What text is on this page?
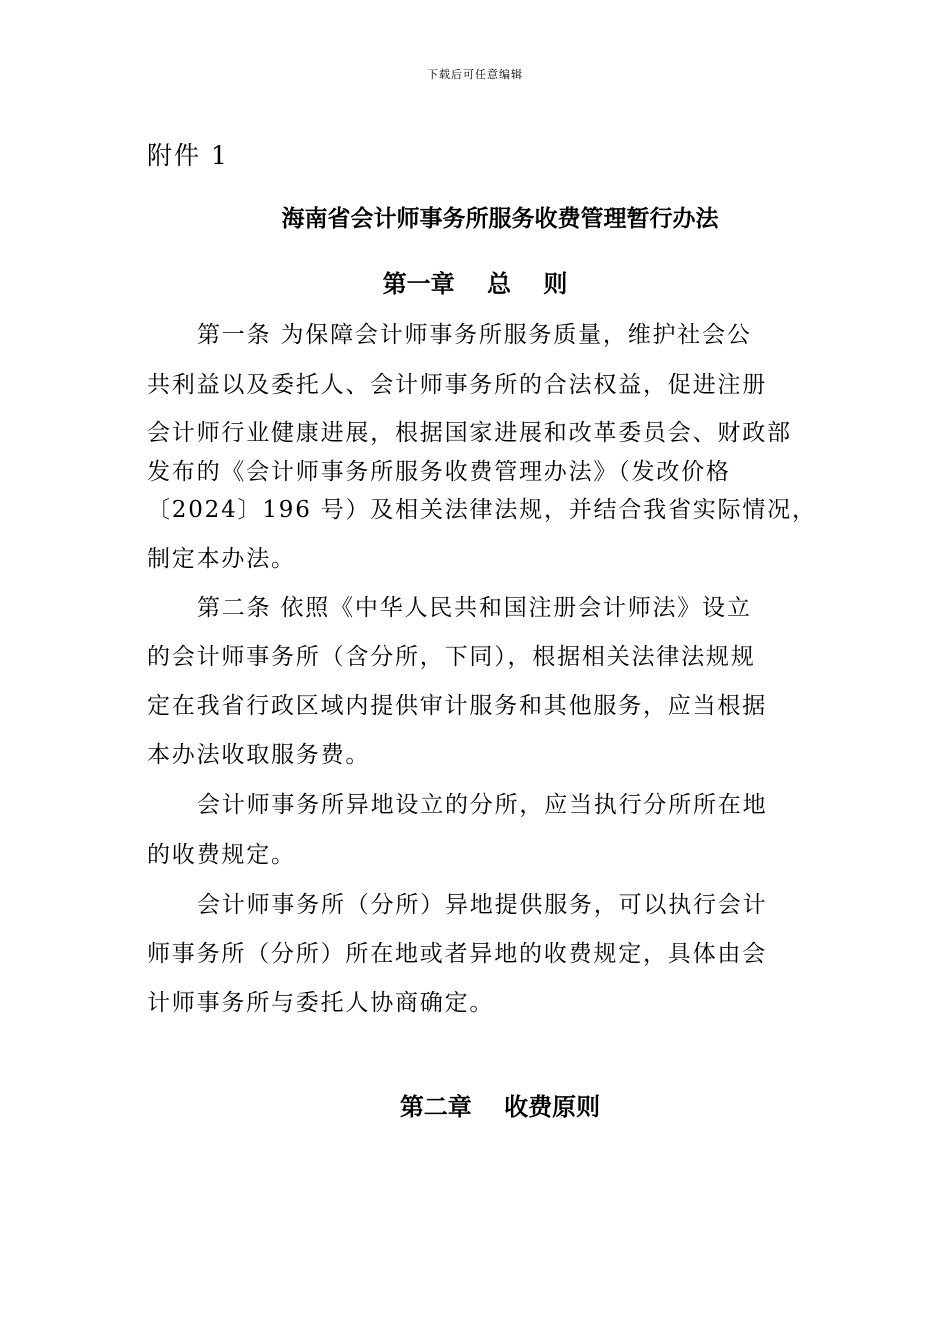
下载后可任意编辑
附件 1
海南省会计师事务所服务收费管理暂行办法
第一章　 总　 则
第一条 为保障会计师事务所服务质量，维护社会公
共利益以及委托人、会计师事务所的合法权益，促进注册
会计师行业健康进展，根据国家进展和改革委员会、财政部
发布的《会计师事务所服务收费管理办法》（发改价格
〔2024〕196 号）及相关法律法规，并结合我省实际情况，
制定本办法。
第二条 依照《中华人民共和国注册会计师法》设立
的会计师事务所（含分所，下同），根据相关法律法规规
定在我省行政区域内提供审计服务和其他服务，应当根据
本办法收取服务费。
会计师事务所异地设立的分所，应当执行分所所在地
的收费规定。
会计师事务所（分所）异地提供服务，可以执行会计
师事务所（分所）所在地或者异地的收费规定，具体由会
计师事务所与委托人协商确定。
第二章　 收费原则
